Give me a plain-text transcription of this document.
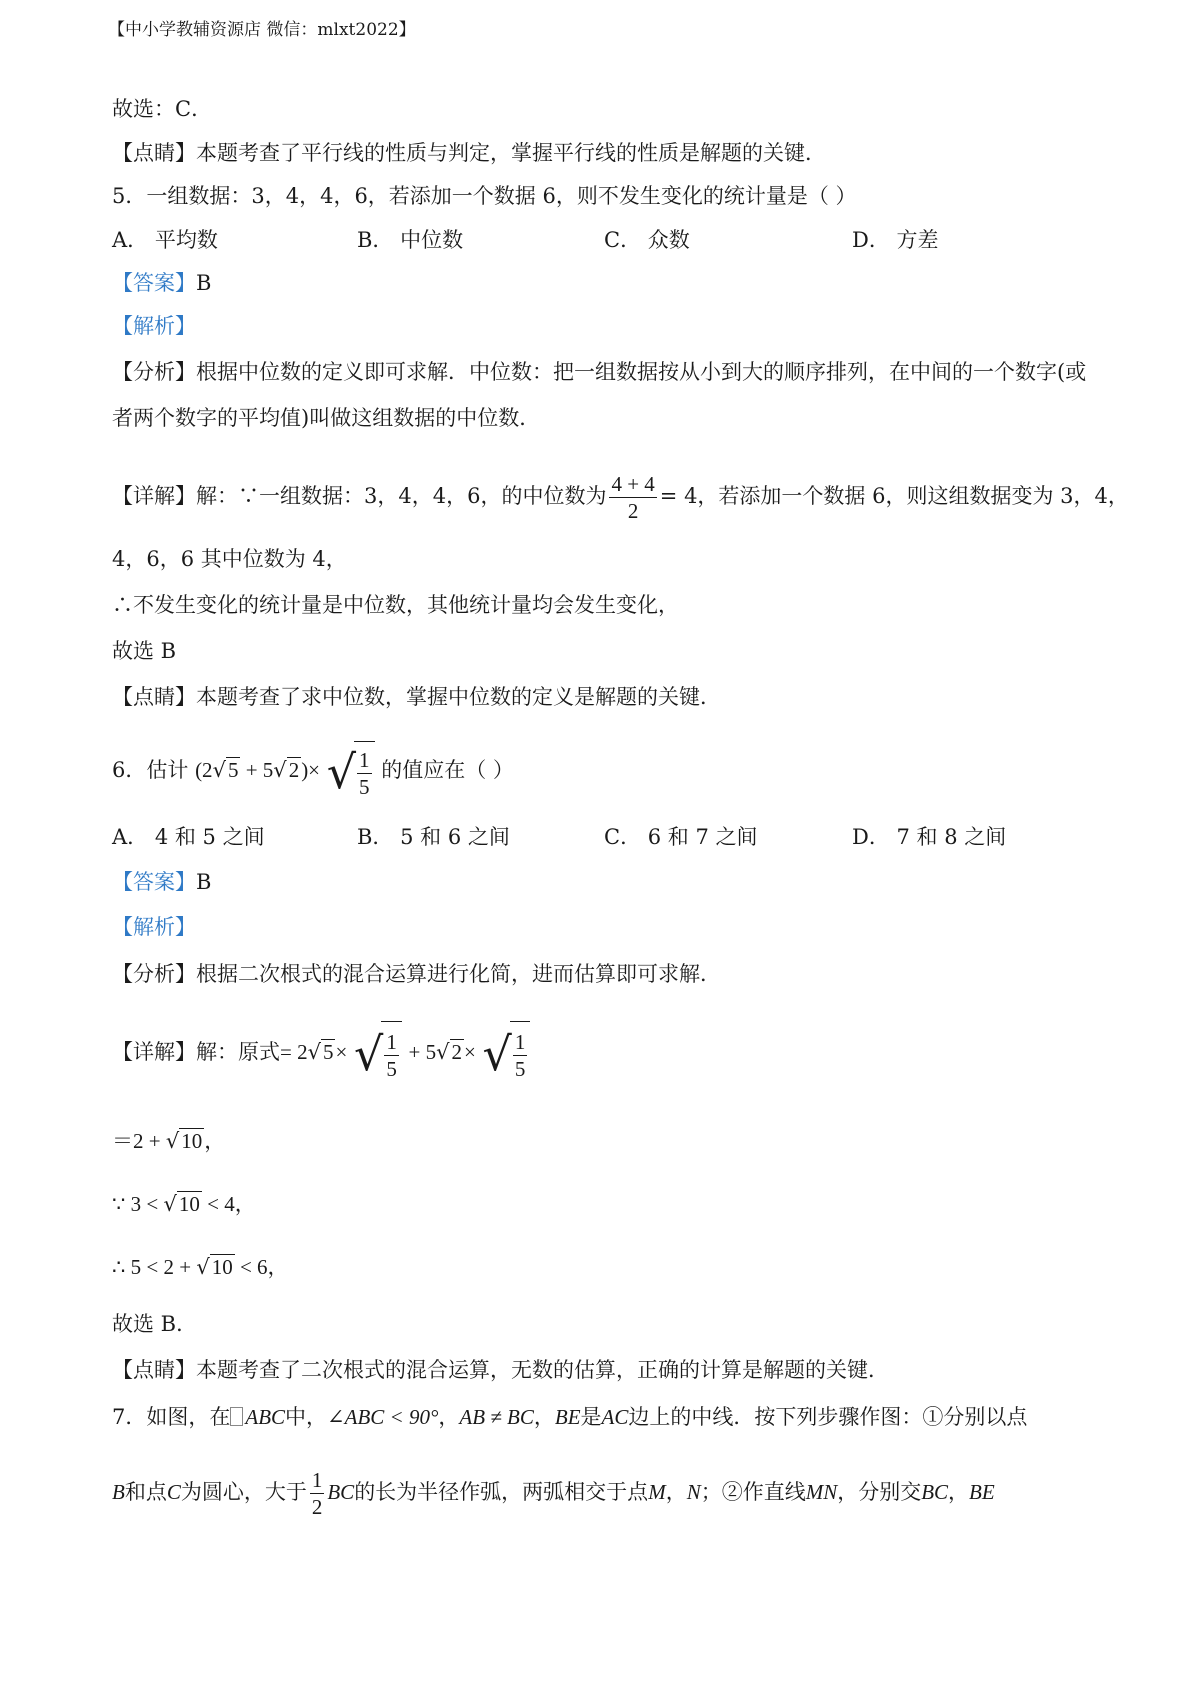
【中小学教辅资源店 微信：mlxt2022】
故选：C．
【点睛】本题考查了平行线的性质与判定，掌握平行线的性质是解题的关键．
5．一组数据：3，4，4，6，若添加一个数据 6，则不发生变化的统计量是（ ）
A． 平均数	B． 中位数	C． 众数	D． 方差
【答案】B
【解析】
【分析】根据中位数的定义即可求解．中位数：把一组数据按从小到大的顺序排列，在中间的一个数字(或
者两个数字的平均值)叫做这组数据的中位数．
【详解】解：∵一组数据：3，4，4，6，的中位数为 $\frac{4 + 4}{2} = 4$，若添加一个数据 6，则这组数据变为 3，4，
4，6，6 其中位数为 4，
∴不发生变化的统计量是中位数，其他统计量均会发生变化，
故选 B
【点睛】本题考查了求中位数，掌握中位数的定义是解题的关键．
6．估计 (2√5 + 5√2)× √ $\frac{1}{5}$ 的值应在（ ）
A． 4 和 5 之间	B． 5 和 6 之间	C． 6 和 7 之间	D． 7 和 8 之间
【答案】B
【解析】
【分析】根据二次根式的混合运算进行化简，进而估算即可求解．
【详解】解：原式= 2√5× √ $\frac{1}{5} + 5√2\times$ √ $\frac{1}{5}$
＝2 + √10，
∵ 3 < √10 < 4，
∴ 5 < 2 + √10 < 6，
故选 B．
【点睛】本题考查了二次根式的混合运算，无数的估算，正确的计算是解题的关键．
7．如图，在 ABC中，∠ABC < 90°，AB ≠ BC，BE是AC边上的中线．按下列步骤作图：①分别以点
B和点C为圆心，大于 $\frac{1}{2}$ BC的长为半径作弧，两弧相交于点M，N；②作直线MN，分别交BC，BE
